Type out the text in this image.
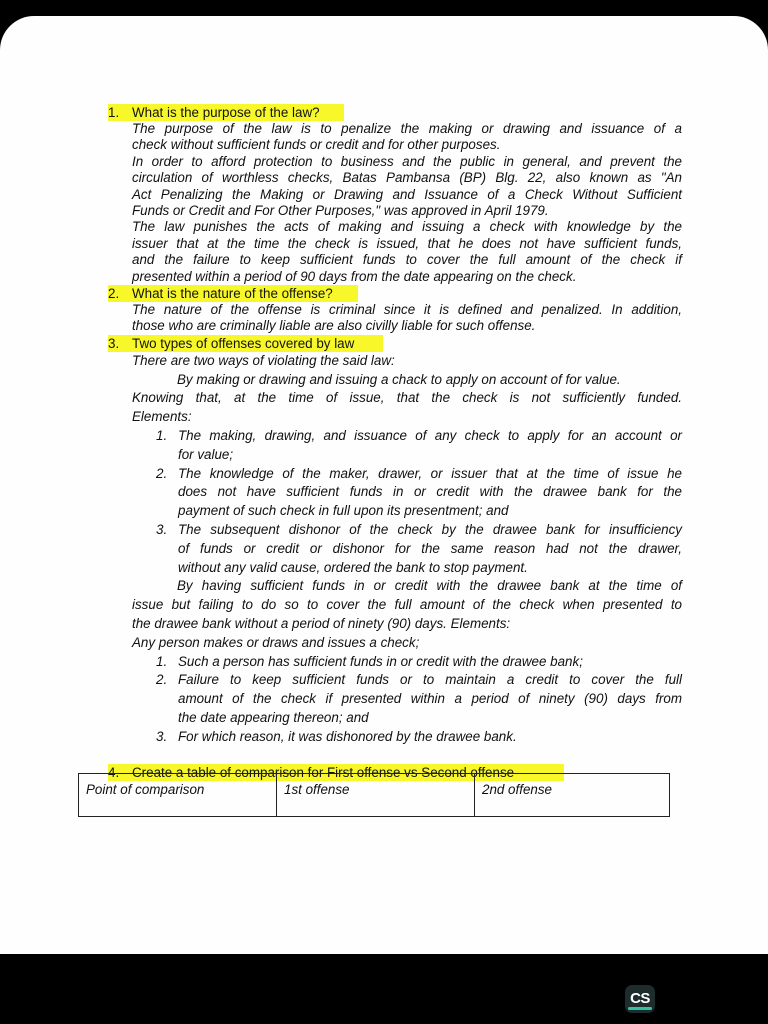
1. What is the purpose of the law?

The purpose of the law is to penalize the making or drawing and issuance of a

check without sufficient funds or credit and for other purposes.

In order to afford protection to business and the public in general, and prevent the

circulation of worthless checks, Batas Pambansa (BP) Blg. 22, also known as "An

Act Penalizing the Making or Drawing and Issuance of a Check Without Sufficient

Funds or Credit and For Other Purposes," was approved in April 1979.

The law punishes the acts of making and issuing a check with knowledge by the

issuer that at the time the check is issued, that he does not have sufficient funds,

and the failure to keep sufficient funds to cover the full amount of the check if

presented within a period of 90 days from the date appearing on the check.

2. What is the nature of the offense?

The nature of the offense is criminal since it is defined and penalized. In addition,

those who are criminally liable are also civilly liable for such offense.

3. Two types of offenses covered by law

There are two ways of violating the said law:

By making or drawing and issuing a chack to apply on account of for value.

Knowing that, at the time of issue, that the check is not sufficiently funded.

Elements:

1. The making, drawing, and issuance of any check to apply for an account or

for value;

2. The knowledge of the maker, drawer, or issuer that at the time of issue he

does not have sufficient funds in or credit with the drawee bank for the

payment of such check in full upon its presentment; and

3. The subsequent dishonor of the check by the drawee bank for insufficiency

of funds or credit or dishonor for the same reason had not the drawer,

without any valid cause, ordered the bank to stop payment.

By having sufficient funds in or credit with the drawee bank at the time of

issue but failing to do so to cover the full amount of the check when presented to

the drawee bank without a period of ninety (90) days. Elements:

Any person makes or draws and issues a check;

1. Such a person has sufficient funds in or credit with the drawee bank;

2. Failure to keep sufficient funds or to maintain a credit to cover the full

amount of the check if presented within a period of ninety (90) days from

the date appearing thereon; and

3. For which reason, it was dishonored by the drawee bank.

4. Create a table of comparison for First offense vs Second offense
Point of comparison	1st offense	2nd offense
CS
